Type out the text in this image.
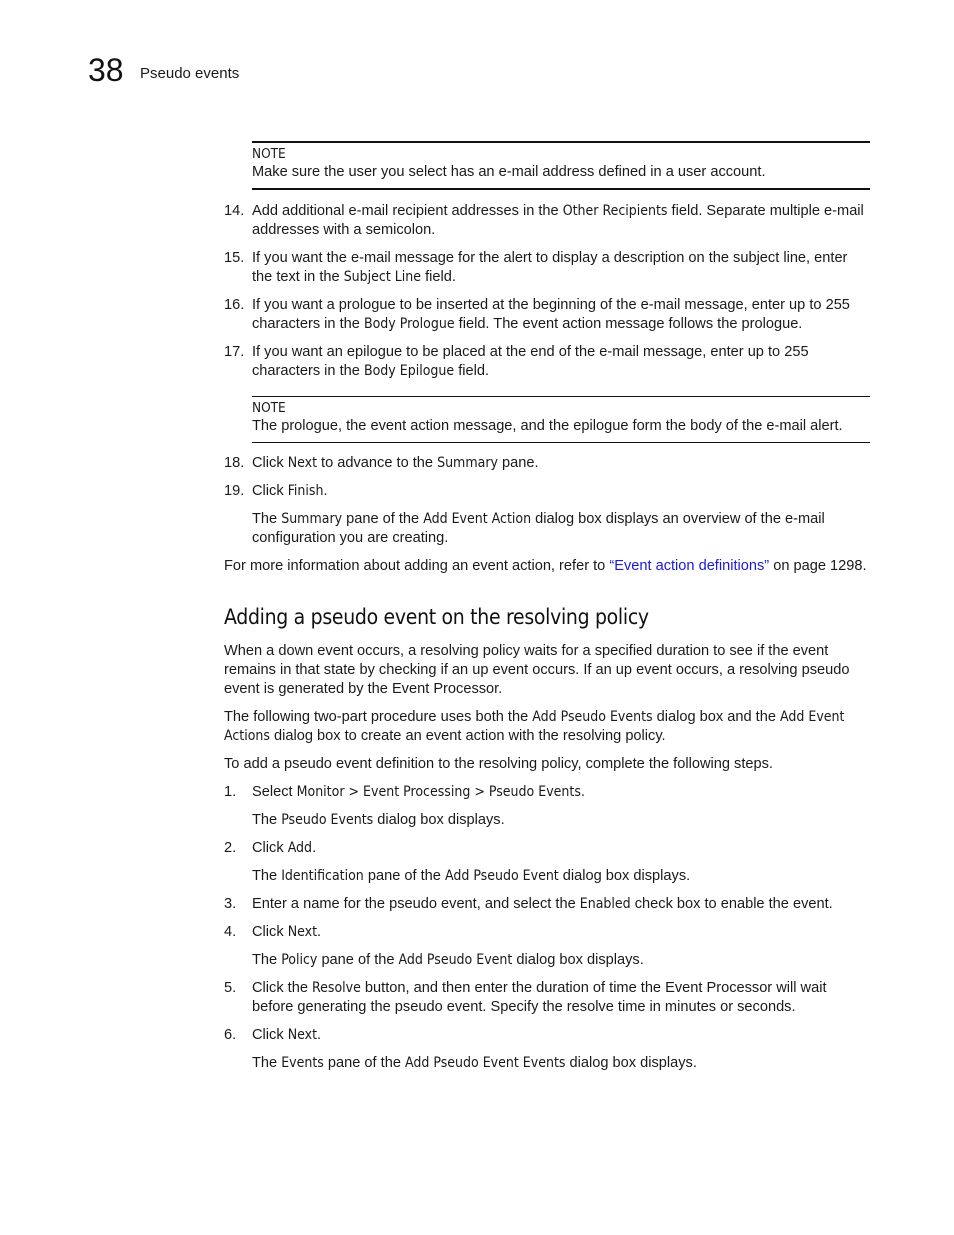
38 Pseudo events
NOTE
Make sure the user you select has an e-mail address defined in a user account.
14. Add additional e-mail recipient addresses in the Other Recipients field. Separate multiple e-mail addresses with a semicolon.
15. If you want the e-mail message for the alert to display a description on the subject line, enter the text in the Subject Line field.
16. If you want a prologue to be inserted at the beginning of the e-mail message, enter up to 255 characters in the Body Prologue field. The event action message follows the prologue.
17. If you want an epilogue to be placed at the end of the e-mail message, enter up to 255 characters in the Body Epilogue field.
NOTE
The prologue, the event action message, and the epilogue form the body of the e-mail alert.
18. Click Next to advance to the Summary pane.
19. Click Finish.
The Summary pane of the Add Event Action dialog box displays an overview of the e-mail configuration you are creating.
For more information about adding an event action, refer to “Event action definitions” on page 1298.
Adding a pseudo event on the resolving policy
When a down event occurs, a resolving policy waits for a specified duration to see if the event remains in that state by checking if an up event occurs. If an up event occurs, a resolving pseudo event is generated by the Event Processor.
The following two-part procedure uses both the Add Pseudo Events dialog box and the Add Event Actions dialog box to create an event action with the resolving policy.
To add a pseudo event definition to the resolving policy, complete the following steps.
1. Select Monitor > Event Processing > Pseudo Events.
The Pseudo Events dialog box displays.
2. Click Add.
The Identification pane of the Add Pseudo Event dialog box displays.
3. Enter a name for the pseudo event, and select the Enabled check box to enable the event.
4. Click Next.
The Policy pane of the Add Pseudo Event dialog box displays.
5. Click the Resolve button, and then enter the duration of time the Event Processor will wait before generating the pseudo event. Specify the resolve time in minutes or seconds.
6. Click Next.
The Events pane of the Add Pseudo Event Events dialog box displays.
